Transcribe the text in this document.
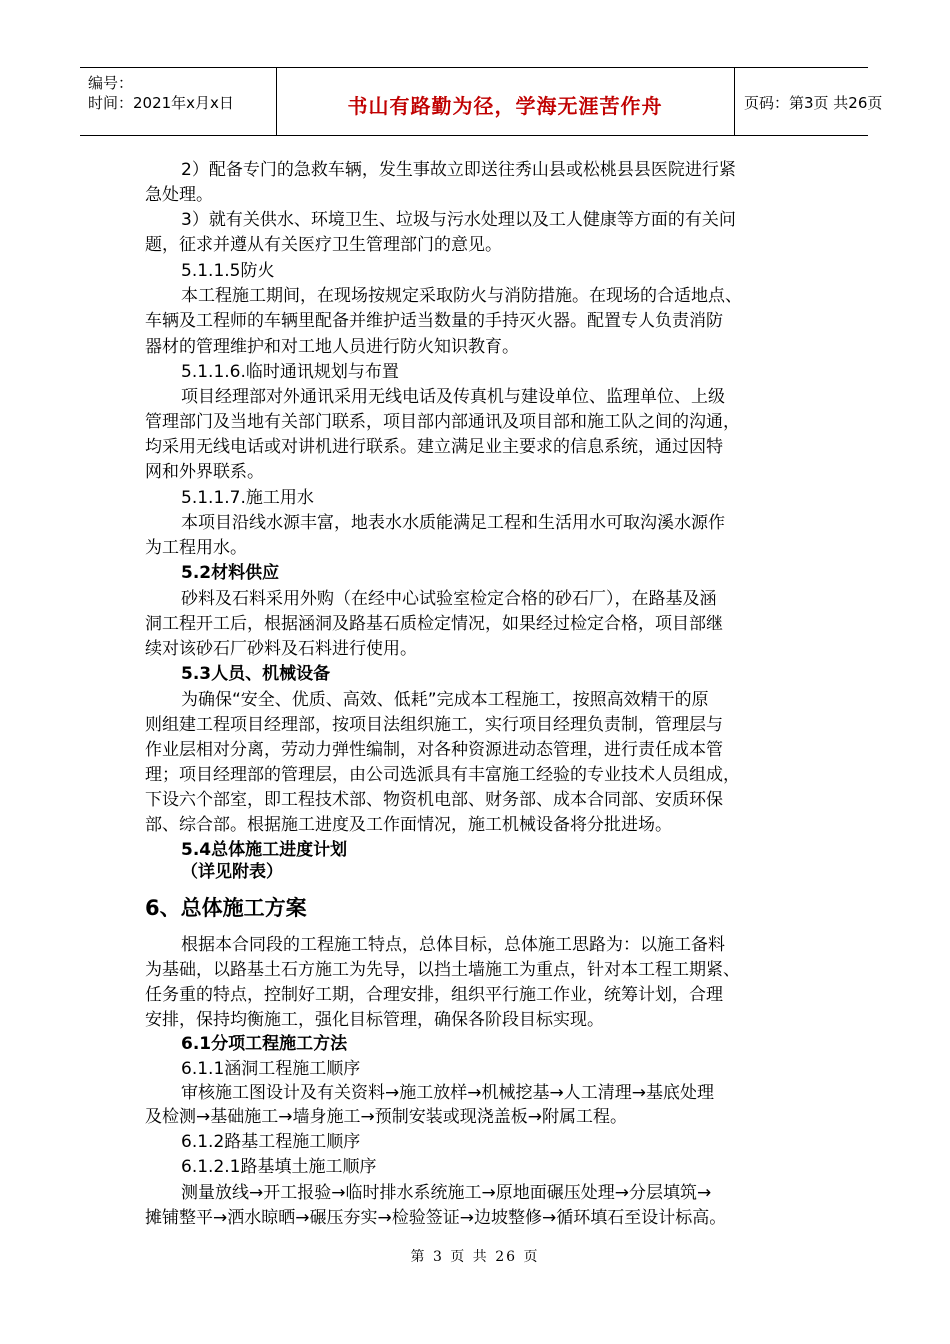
编号：
时间：2021年x月x日	书山有路勤为径，学海无涯苦作舟	页码：第3页 共26页
2）配备专门的急救车辆，发生事故立即送往秀山县或松桃县县医院进行紧
急处理。
3）就有关供水、环境卫生、垃圾与污水处理以及工人健康等方面的有关问
题，征求并遵从有关医疗卫生管理部门的意见。
5.1.1.5防火
本工程施工期间，在现场按规定采取防火与消防措施。在现场的合适地点、
车辆及工程师的车辆里配备并维护适当数量的手持灭火器。配置专人负责消防
器材的管理维护和对工地人员进行防火知识教育。
5.1.1.6.临时通讯规划与布置
项目经理部对外通讯采用无线电话及传真机与建设单位、监理单位、上级
管理部门及当地有关部门联系，项目部内部通讯及项目部和施工队之间的沟通，
均采用无线电话或对讲机进行联系。建立满足业主要求的信息系统，通过因特
网和外界联系。
5.1.1.7.施工用水
本项目沿线水源丰富，地表水水质能满足工程和生活用水可取沟溪水源作
为工程用水。
5.2材料供应
砂料及石料采用外购（在经中心试验室检定合格的砂石厂），在路基及涵
洞工程开工后，根据涵洞及路基石质检定情况，如果经过检定合格，项目部继
续对该砂石厂砂料及石料进行使用。
5.3人员、机械设备
为确保“安全、优质、高效、低耗”完成本工程施工，按照高效精干的原
则组建工程项目经理部，按项目法组织施工，实行项目经理负责制，管理层与
作业层相对分离，劳动力弹性编制，对各种资源进动态管理，进行责任成本管
理；项目经理部的管理层，由公司选派具有丰富施工经验的专业技术人员组成，
下设六个部室，即工程技术部、物资机电部、财务部、成本合同部、安质环保
部、综合部。根据施工进度及工作面情况，施工机械设备将分批进场。
5.4总体施工进度计划
（详见附表）
6、总体施工方案
根据本合同段的工程施工特点，总体目标，总体施工思路为：以施工备料
为基础，以路基土石方施工为先导，以挡土墙施工为重点，针对本工程工期紧、
任务重的特点，控制好工期，合理安排，组织平行施工作业，统筹计划，合理
安排，保持均衡施工，强化目标管理，确保各阶段目标实现。
6.1分项工程施工方法
6.1.1涵洞工程施工顺序
审核施工图设计及有关资料→施工放样→机械挖基→人工清理→基底处理
及检测→基础施工→墙身施工→预制安装或现浇盖板→附属工程。
6.1.2路基工程施工顺序
6.1.2.1路基填土施工顺序
测量放线→开工报验→临时排水系统施工→原地面碾压处理→分层填筑→
摊铺整平→洒水晾晒→碾压夯实→检验签证→边坡整修→循环填石至设计标高。
第 3 页 共 26 页
